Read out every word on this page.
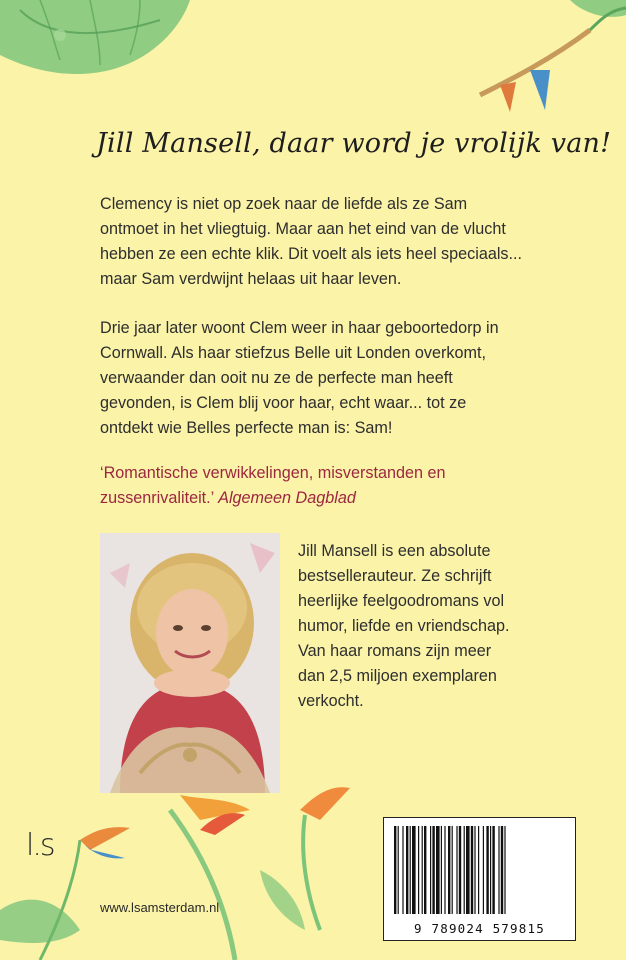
Jill Mansell, daar word je vrolijk van!

Clemency is niet op zoek naar de liefde als ze Sam

ontmoet in het vliegtuig. Maar aan het eind van de vlucht

hebben ze een echte klik. Dit voelt als iets heel speciaals...

maar Sam verdwijnt helaas uit haar leven.

Drie jaar later woont Clem weer in haar geboortedorp in

Cornwall. Als haar stiefzus Belle uit Londen overkomt,

verwaander dan ooit nu ze de perfecte man heeft

gevonden, is Clem blij voor haar, echt waar... tot ze

ontdekt wie Belles perfecte man is: Sam!

‘Romantische verwikkelingen, misverstanden en
zussenrivaliteit.’ Algemeen Dagblad

Jill Mansell is een absolute

bestsellerauteur. Ze schrijft

heerlijke feelgoodromans vol

humor, liefde en vriendschap.

Van haar romans zijn meer

dan 2,5 miljoen exemplaren

verkocht.

l.s
www.lsamsterdam.nl
9 789024 579815
